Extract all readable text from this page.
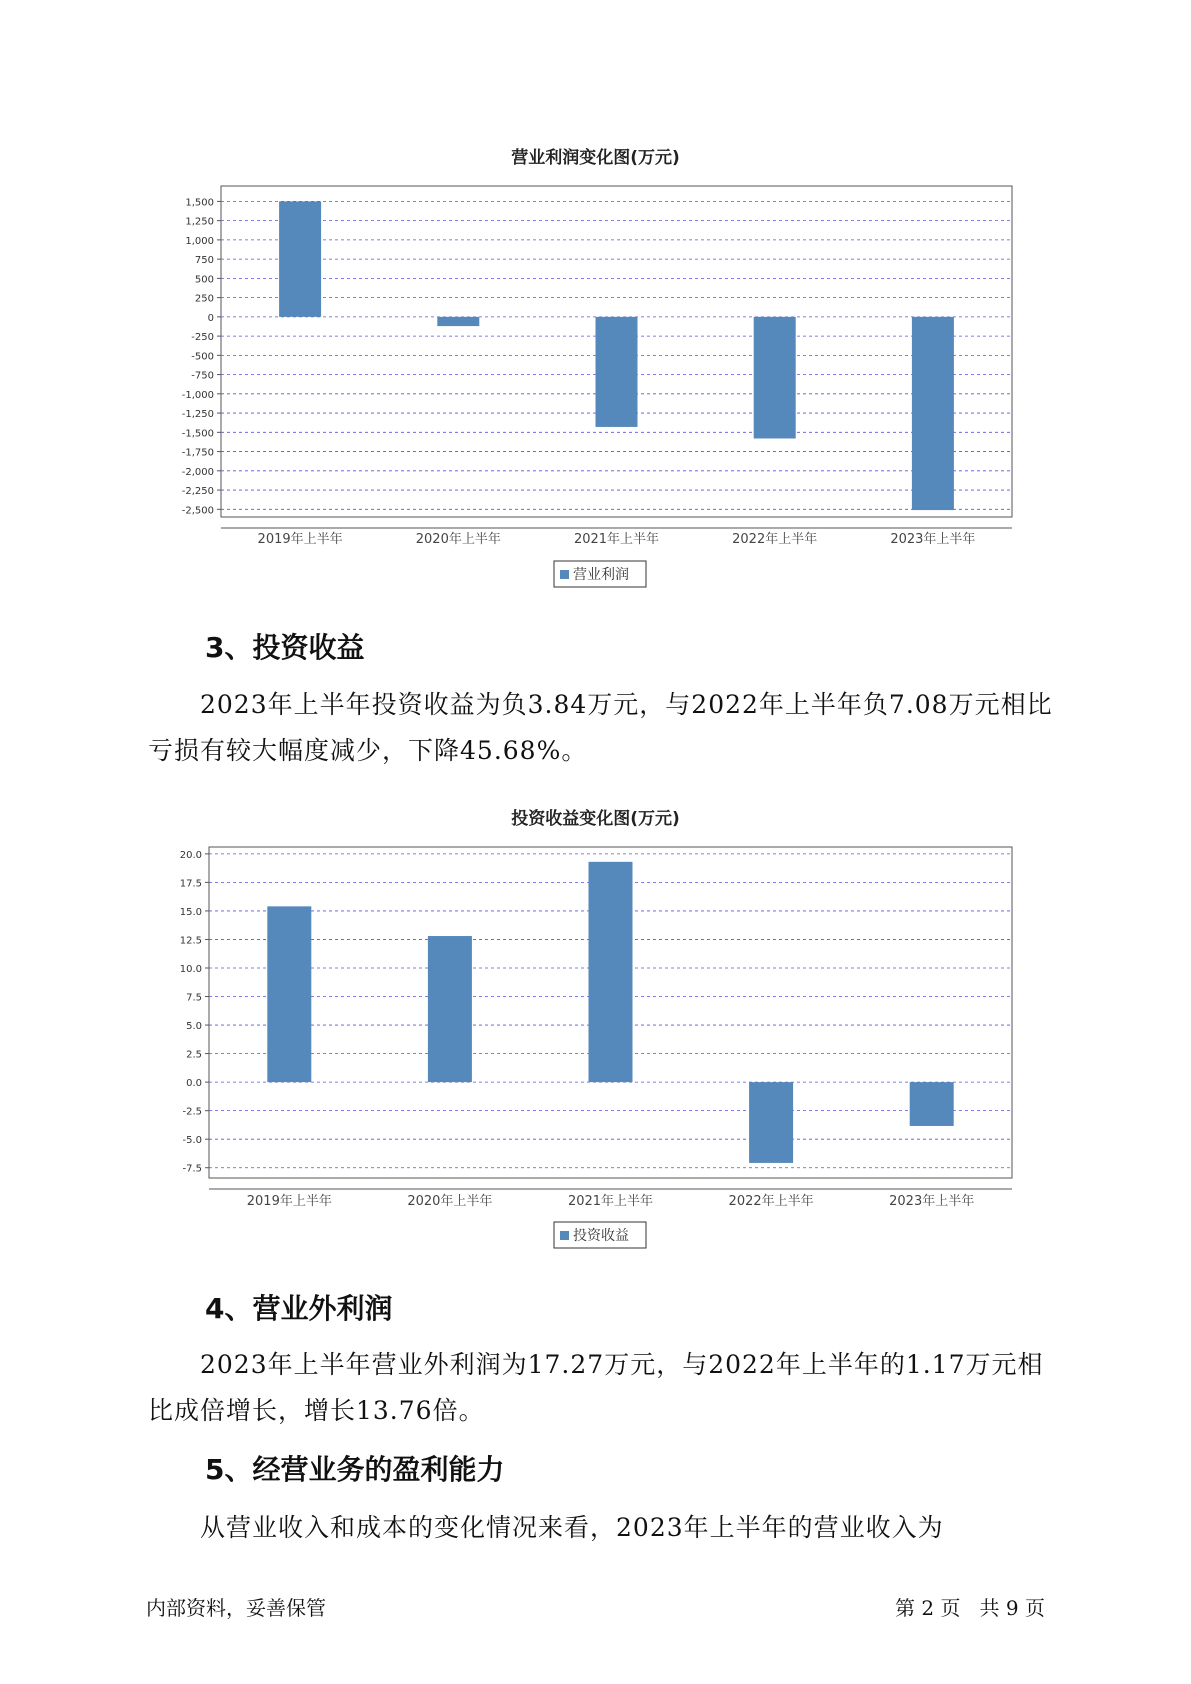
营业利润变化图(万元)
1,500
1,250
1,000
750
500
250
0
-250
-500
-750
-1,000
-1,250
-1,500
-1,750
-2,000
-2,250
-2,500
2019年上半年	2020年上半年	2021年上半年	2022年上半年	2023年上半年
营业利润
3、投资收益
2023年上半年投资收益为负3.84万元，与2022年上半年负7.08万元相比亏损有较大幅度减少，下降45.68%。
投资收益变化图(万元)
20.0
17.5
15.0
12.5
10.0
7.5
5.0
2.5
0.0
-2.5
-5.0
-7.5
2019年上半年	2020年上半年	2021年上半年	2022年上半年	2023年上半年
投资收益
4、营业外利润
2023年上半年营业外利润为17.27万元，与2022年上半年的1.17万元相比成倍增长，增长13.76倍。
5、经营业务的盈利能力
从营业收入和成本的变化情况来看，2023年上半年的营业收入为
内部资料，妥善保管	第 2 页   共 9 页
